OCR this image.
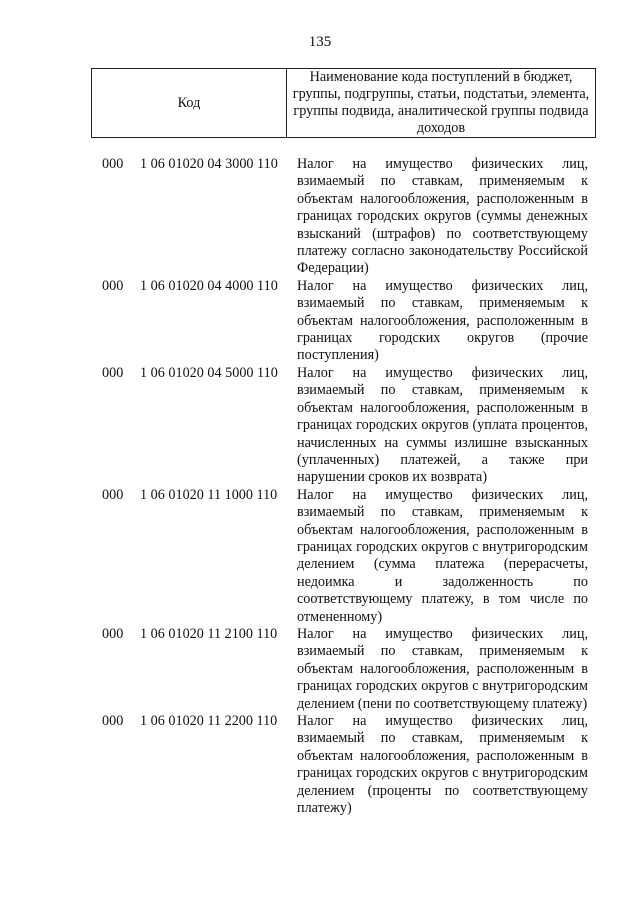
135
Код	Наименование кода поступлений в бюджет, группы, подгруппы, статьи, подстатьи, элемента, группы подвида, аналитической группы подвида доходов
000	1 06 01020 04 3000 110	Налог на имущество физических лиц, взимаемый по ставкам, применяемым к объектам налогообложения, расположенным в границах городских округов (суммы денежных взысканий (штрафов) по соответствующему платежу согласно законодательству Российской Федерации)
000	1 06 01020 04 4000 110	Налог на имущество физических лиц, взимаемый по ставкам, применяемым к объектам налогообложения, расположенным в границах городских округов (прочие поступления)
000	1 06 01020 04 5000 110	Налог на имущество физических лиц, взимаемый по ставкам, применяемым к объектам налогообложения, расположенным в границах городских округов (уплата процентов, начисленных на суммы излишне взысканных (уплаченных) платежей, а также при нарушении сроков их возврата)
000	1 06 01020 11 1000 110	Налог на имущество физических лиц, взимаемый по ставкам, применяемым к объектам налогообложения, расположенным в границах городских округов с внутригородским делением (сумма платежа (перерасчеты, недоимка и задолженность по соответствующему платежу, в том числе по отмененному)
000	1 06 01020 11 2100 110	Налог на имущество физических лиц, взимаемый по ставкам, применяемым к объектам налогообложения, расположенным в границах городских округов с внутригородским делением (пени по соответствующему платежу)
000	1 06 01020 11 2200 110	Налог на имущество физических лиц, взимаемый по ставкам, применяемым к объектам налогообложения, расположенным в границах городских округов с внутригородским делением (проценты по соответствующему платежу)
